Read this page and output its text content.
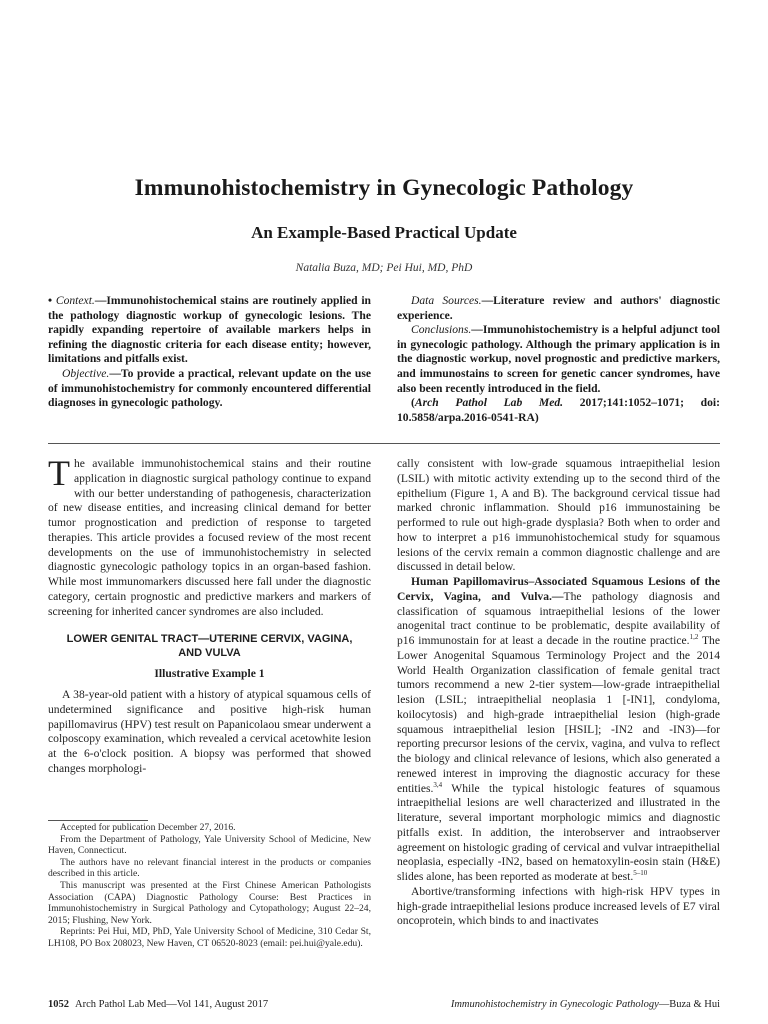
Immunohistochemistry in Gynecologic Pathology
An Example-Based Practical Update
Natalia Buza, MD; Pei Hui, MD, PhD

• Context.—Immunohistochemical stains are routinely applied in the pathology diagnostic workup of gynecologic lesions. The rapidly expanding repertoire of available markers helps in refining the diagnostic criteria for each disease entity; however, limitations and pitfalls exist.

Objective.—To provide a practical, relevant update on the use of immunohistochemistry for commonly encountered differential diagnoses in gynecologic pathology.

Data Sources.—Literature review and authors' diagnostic experience.

Conclusions.—Immunohistochemistry is a helpful adjunct tool in gynecologic pathology. Although the primary application is in the diagnostic workup, novel prognostic and predictive markers, and immunostains to screen for genetic cancer syndromes, have also been recently introduced in the field.

(Arch Pathol Lab Med. 2017;141:1052–1071; doi: 10.5858/arpa.2016-0541-RA)

The available immunohistochemical stains and their routine application in diagnostic surgical pathology continue to expand with our better understanding of pathogenesis, characterization of new disease entities, and increasing clinical demand for better tumor prognostication and prediction of response to targeted therapies. This article provides a focused review of the most recent developments on the use of immunohistochemistry in selected diagnostic gynecologic pathology topics in an organ-based fashion. While most immunomarkers discussed here fall under the diagnostic category, certain prognostic and predictive markers and markers of screening for inherited cancer syndromes are also included.

LOWER GENITAL TRACT—UTERINE CERVIX, VAGINA, AND VULVA
Illustrative Example 1

A 38-year-old patient with a history of atypical squamous cells of undetermined significance and positive high-risk human papillomavirus (HPV) test result on Papanicolaou smear underwent a colposcopy examination, which revealed a cervical acetowhite lesion at the 6-o'clock position. A biopsy was performed that showed changes morphologi-

cally consistent with low-grade squamous intraepithelial lesion (LSIL) with mitotic activity extending up to the second third of the epithelium (Figure 1, A and B). The background cervical tissue had marked chronic inflammation. Should p16 immunostaining be performed to rule out high-grade dysplasia? Both when to order and how to interpret a p16 immunohistochemical study for squamous lesions of the cervix remain a common diagnostic challenge and are discussed in detail below.

Human Papillomavirus–Associated Squamous Lesions of the Cervix, Vagina, and Vulva.—The pathology diagnosis and classification of squamous intraepithelial lesions of the lower anogenital tract continue to be problematic, despite availability of p16 immunostain for at least a decade in the routine practice.$^{1,2}$ The Lower Anogenital Squamous Terminology Project and the 2014 World Health Organization classification of female genital tract tumors recommend a new 2-tier system—low-grade intraepithelial lesion (LSIL; intraepithelial neoplasia 1 [-IN1], condyloma, koilocytosis) and high-grade intraepithelial lesion (high-grade squamous intraepithelial lesion [HSIL]; -IN2 and -IN3)—for reporting precursor lesions of the cervix, vagina, and vulva to reflect the biology and clinical relevance of lesions, which also generated a renewed interest in improving the diagnostic accuracy for these entities.$^{3,4}$ While the typical histologic features of squamous intraepithelial lesions are well characterized and illustrated in the literature, several important morphologic mimics and diagnostic pitfalls exist. In addition, the interobserver and intraobserver agreement on histologic grading of cervical and vulvar intraepithelial neoplasia, especially -IN2, based on hematoxylin-eosin stain (H&E) slides alone, has been reported as moderate at best.$^{5-10}$

Abortive/transforming infections with high-risk HPV types in high-grade intraepithelial lesions produce increased levels of E7 viral oncoprotein, which binds to and inactivates

Accepted for publication December 27, 2016.

From the Department of Pathology, Yale University School of Medicine, New Haven, Connecticut.

The authors have no relevant financial interest in the products or companies described in this article.

This manuscript was presented at the First Chinese American Pathologists Association (CAPA) Diagnostic Pathology Course: Best Practices in Immunohistochemistry in Surgical Pathology and Cytopathology; August 22–24, 2015; Flushing, New York.

Reprints: Pei Hui, MD, PhD, Yale University School of Medicine, 310 Cedar St, LH108, PO Box 208023, New Haven, CT 06520-8023 (email: pei.hui@yale.edu).

1052 Arch Pathol Lab Med—Vol 141, August 2017	Immunohistochemistry in Gynecologic Pathology—Buza & Hui
